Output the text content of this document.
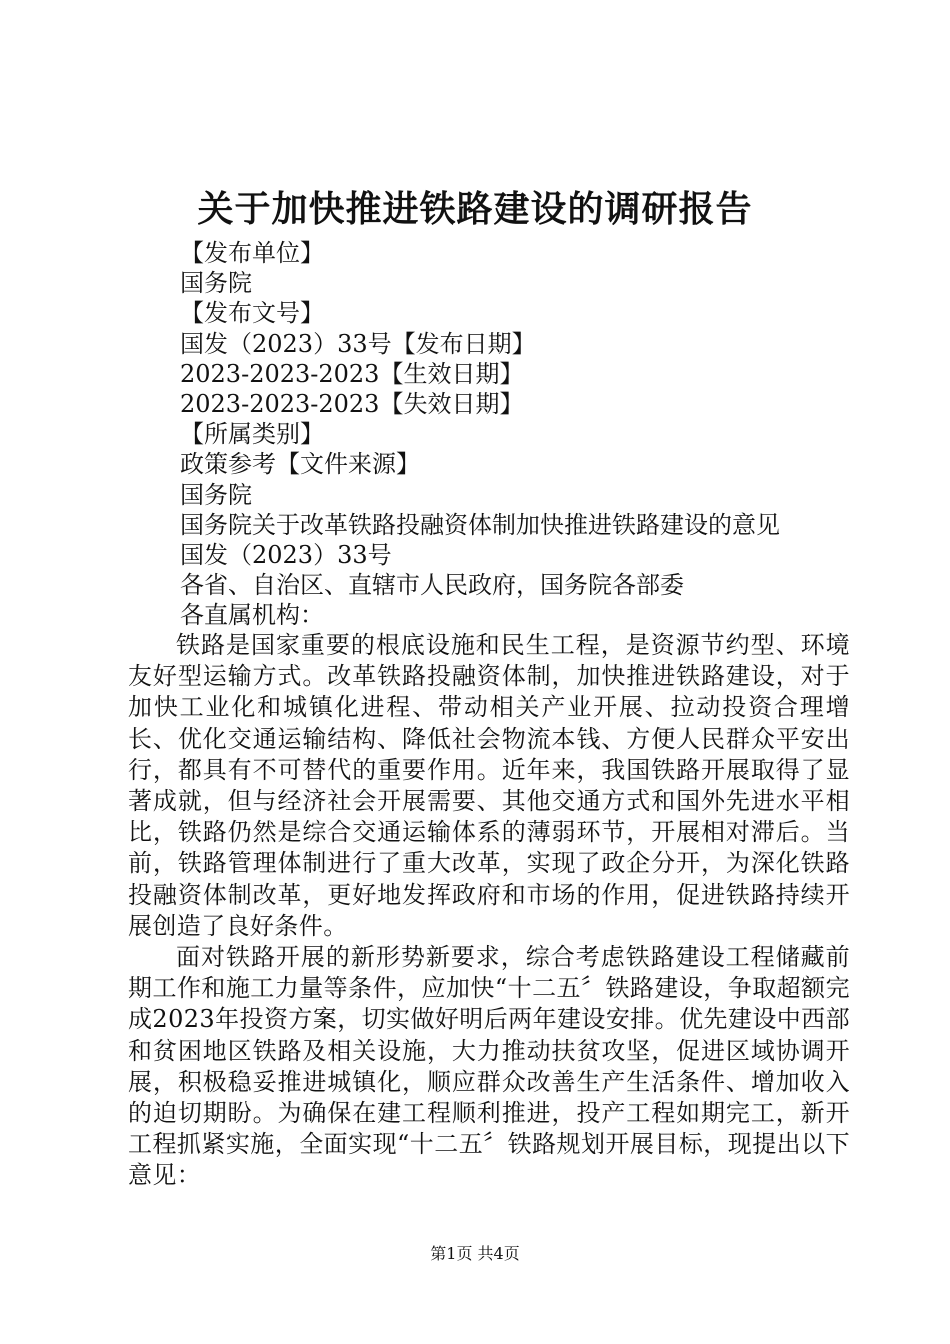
关于加快推进铁路建设的调研报告
【发布单位】
国务院
【发布文号】
国发（2023）33号【发布日期】
2023-2023-2023【生效日期】
2023-2023-2023【失效日期】
【所属类别】
政策参考【文件来源】
国务院
国务院关于改革铁路投融资体制加快推进铁路建设的意见
国发（2023）33号
各省、自治区、直辖市人民政府，国务院各部委
各直属机构：

铁路是国家重要的根底设施和民生工程，是资源节约型、环境友好型运输方式。改革铁路投融资体制，加快推进铁路建设，对于加快工业化和城镇化进程、带动相关产业开展、拉动投资合理增长、优化交通运输结构、降低社会物流本钱、方便人民群众平安出行，都具有不可替代的重要作用。近年来，我国铁路开展取得了显著成就，但与经济社会开展需要、其他交通方式和国外先进水平相比，铁路仍然是综合交通运输体系的薄弱环节，开展相对滞后。当前，铁路管理体制进行了重大改革，实现了政企分开，为深化铁路投融资体制改革，更好地发挥政府和市场的作用，促进铁路持续开展创造了良好条件。

面对铁路开展的新形势新要求，综合考虑铁路建设工程储藏前期工作和施工力量等条件，应加快“十二五〞铁路建设，争取超额完成2023年投资方案，切实做好明后两年建设安排。优先建设中西部和贫困地区铁路及相关设施，大力推动扶贫攻坚，促进区域协调开展，积极稳妥推进城镇化，顺应群众改善生产生活条件、增加收入的迫切期盼。为确保在建工程顺利推进，投产工程如期完工，新开工程抓紧实施，全面实现“十二五〞铁路规划开展目标，现提出以下意见：

第1页 共4页
